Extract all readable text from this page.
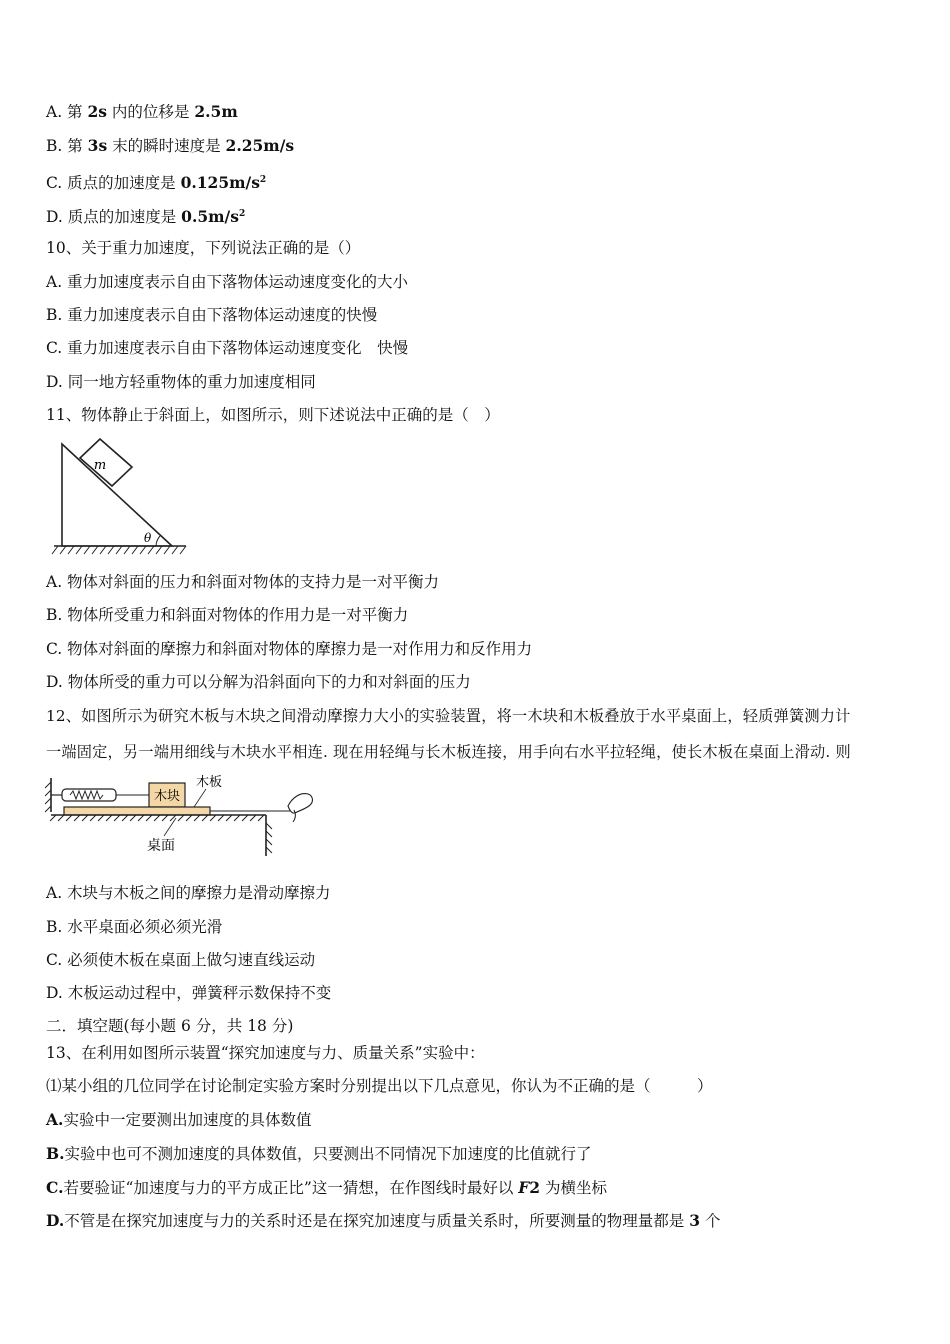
A. 第 2s 内的位移是 2.5m
B. 第 3s 末的瞬时速度是 2.25m/s
C. 质点的加速度是 $0.125m/s^2$
D. 质点的加速度是 $0.5m/s^2$
10、关于重力加速度，下列说法正确的是（）
A. 重力加速度表示自由下落物体运动速度变化的大小
B. 重力加速度表示自由下落物体运动速度的快慢
C. 重力加速度表示自由下落物体运动速度变化　快慢
D. 同一地方轻重物体的重力加速度相同
11、物体静止于斜面上，如图所示，则下述说法中正确的是（　）
m
θ
A. 物体对斜面的压力和斜面对物体的支持力是一对平衡力
B. 物体所受重力和斜面对物体的作用力是一对平衡力
C. 物体对斜面的摩擦力和斜面对物体的摩擦力是一对作用力和反作用力
D. 物体所受的重力可以分解为沿斜面向下的力和对斜面的压力
12、如图所示为研究木板与木块之间滑动摩擦力大小的实验装置，将一木块和木板叠放于水平桌面上，轻质弹簧测力计
一端固定，另一端用细线与木块水平相连. 现在用轻绳与长木板连接，用手向右水平拉轻绳，使长木板在桌面上滑动. 则
木块
木板
桌面
A. 木块与木板之间的摩擦力是滑动摩擦力
B. 水平桌面必须必须光滑
C. 必须使木板在桌面上做匀速直线运动
D. 木板运动过程中，弹簧秤示数保持不变
二．填空题(每小题 6 分，共 18 分)
13、在利用如图所示装置“探究加速度与力、质量关系”实验中：
⑴某小组的几位同学在讨论制定实验方案时分别提出以下几点意见，你认为不正确的是（　　　）
A.实验中一定要测出加速度的具体数值
B.实验中也可不测加速度的具体数值，只要测出不同情况下加速度的比值就行了
C.若要验证“加速度与力的平方成正比”这一猜想，在作图线时最好以 F2 为横坐标
D.不管是在探究加速度与力的关系时还是在探究加速度与质量关系时，所要测量的物理量都是 3 个
